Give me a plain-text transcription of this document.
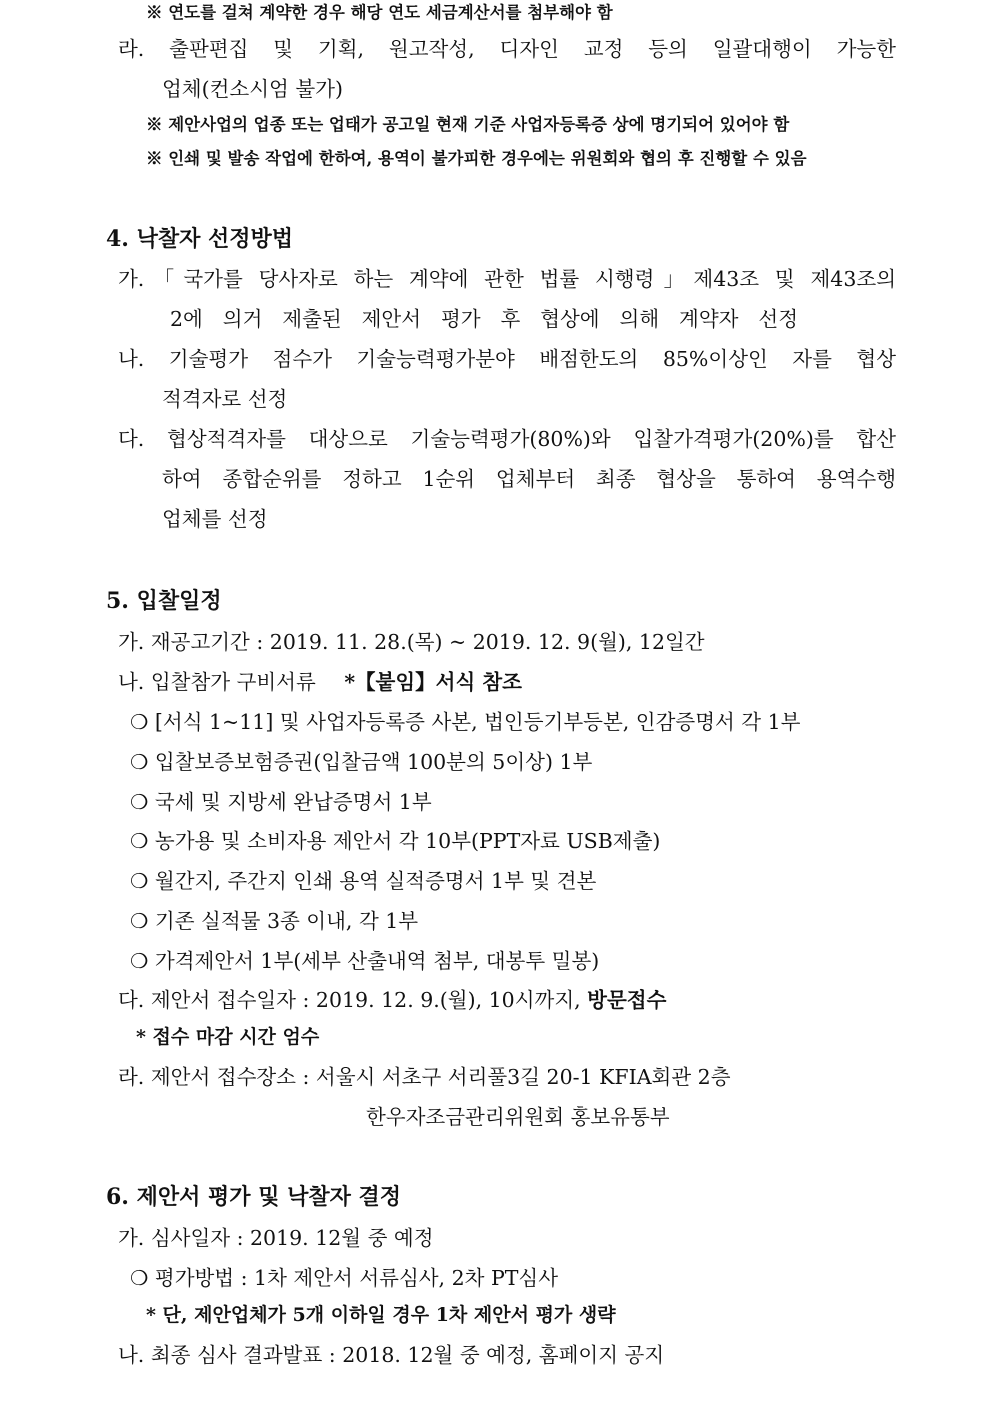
※ 연도를 걸쳐 계약한 경우 해당 연도 세금계산서를 첨부해야 함
라. 출판편집 및 기획, 원고작성, 디자인 교정 등의 일괄대행이 가능한
업체(컨소시엄 불가)
※ 제안사업의 업종 또는 업태가 공고일 현재 기준 사업자등록증 상에 명기되어 있어야 함
※ 인쇄 및 발송 작업에 한하여, 용역이 불가피한 경우에는 위원회와 협의 후 진행할 수 있음
4. 낙찰자 선정방법
가.「국가를 당사자로 하는 계약에 관한 법률 시행령」제43조 및 제43조의
2에 의거 제출된 제안서 평가 후 협상에 의해 계약자 선정
나. 기술평가 점수가 기술능력평가분야 배점한도의 85%이상인 자를 협상
적격자로 선정
다. 협상적격자를 대상으로 기술능력평가(80%)와 입찰가격평가(20%)를 합산
하여 종합순위를 정하고 1순위 업체부터 최종 협상을 통하여 용역수행
업체를 선정
5. 입찰일정
가. 재공고기간 : 2019. 11. 28.(목) ~ 2019. 12. 9(월), 12일간
나. 입찰참가 구비서류 *【붙임】서식 참조
❍ [서식 1~11] 및 사업자등록증 사본, 법인등기부등본, 인감증명서 각 1부
❍ 입찰보증보험증권(입찰금액 100분의 5이상) 1부
❍ 국세 및 지방세 완납증명서 1부
❍ 농가용 및 소비자용 제안서 각 10부(PPT자료 USB제출)
❍ 월간지, 주간지 인쇄 용역 실적증명서 1부 및 견본
❍ 기존 실적물 3종 이내, 각 1부
❍ 가격제안서 1부(세부 산출내역 첨부, 대봉투 밀봉)
다. 제안서 접수일자 : 2019. 12. 9.(월), 10시까지, 방문접수
* 접수 마감 시간 엄수
라. 제안서 접수장소 : 서울시 서초구 서리풀3길 20-1 KFIA회관 2층
한우자조금관리위원회 홍보유통부
6. 제안서 평가 및 낙찰자 결정
가. 심사일자 : 2019. 12월 중 예정
❍ 평가방법 : 1차 제안서 서류심사, 2차 PT심사
* 단, 제안업체가 5개 이하일 경우 1차 제안서 평가 생략
나. 최종 심사 결과발표 : 2018. 12월 중 예정, 홈페이지 공지
